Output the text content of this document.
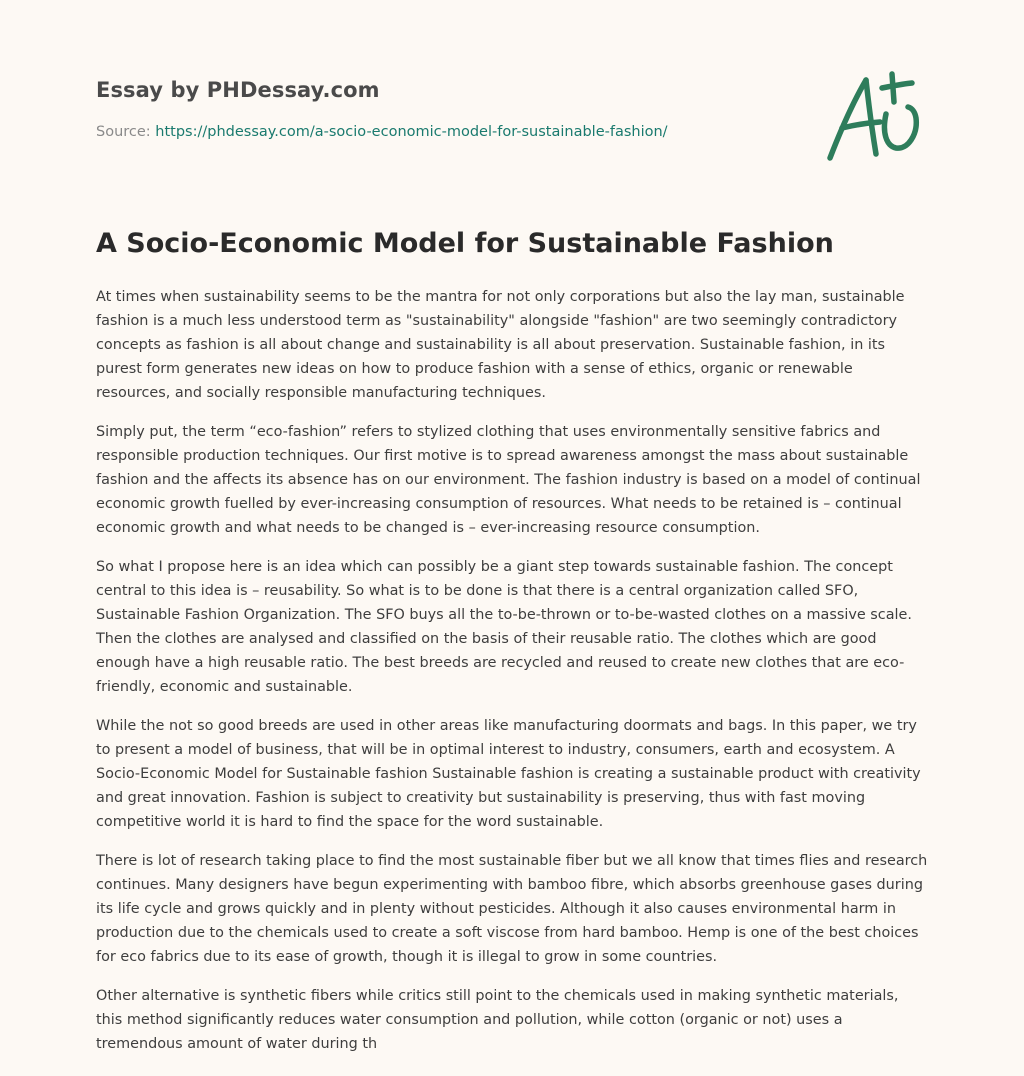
Essay by PHDessay.com
Source: https://phdessay.com/a-socio-economic-model-for-sustainable-fashion/
A Socio-Economic Model for Sustainable Fashion

At times when sustainability seems to be the mantra for not only corporations but also the lay man, sustainable fashion is a much less understood term as "sustainability" alongside "fashion" are two seemingly contradictory concepts as fashion is all about change and sustainability is all about preservation. Sustainable fashion, in its purest form generates new ideas on how to produce fashion with a sense of ethics, organic or renewable resources, and socially responsible manufacturing techniques.

Simply put, the term “eco-fashion” refers to stylized clothing that uses environmentally sensitive fabrics and responsible production techniques. Our first motive is to spread awareness amongst the mass about sustainable fashion and the affects its absence has on our environment. The fashion industry is based on a model of continual economic growth fuelled by ever-increasing consumption of resources. What needs to be retained is – continual economic growth and what needs to be changed is – ever-increasing resource consumption.

So what I propose here is an idea which can possibly be a giant step towards sustainable fashion. The concept central to this idea is – reusability. So what is to be done is that there is a central organization called SFO, Sustainable Fashion Organization. The SFO buys all the to-be-thrown or to-be-wasted clothes on a massive scale. Then the clothes are analysed and classified on the basis of their reusable ratio. The clothes which are good enough have a high reusable ratio. The best breeds are recycled and reused to create new clothes that are eco-friendly, economic and sustainable.

While the not so good breeds are used in other areas like manufacturing doormats and bags. In this paper, we try to present a model of business, that will be in optimal interest to industry, consumers, earth and ecosystem. A Socio-Economic Model for Sustainable fashion Sustainable fashion is creating a sustainable product with creativity and great innovation. Fashion is subject to creativity but sustainability is preserving, thus with fast moving competitive world it is hard to find the space for the word sustainable.

There is lot of research taking place to find the most sustainable fiber but we all know that times flies and research continues. Many designers have begun experimenting with bamboo fibre, which absorbs greenhouse gases during its life cycle and grows quickly and in plenty without pesticides. Although it also causes environmental harm in production due to the chemicals used to create a soft viscose from hard bamboo. Hemp is one of the best choices for eco fabrics due to its ease of growth, though it is illegal to grow in some countries.

Other alternative is synthetic fibers while critics still point to the chemicals used in making synthetic materials, this method significantly reduces water consumption and pollution, while cotton (organic or not) uses a tremendous amount of water during th
